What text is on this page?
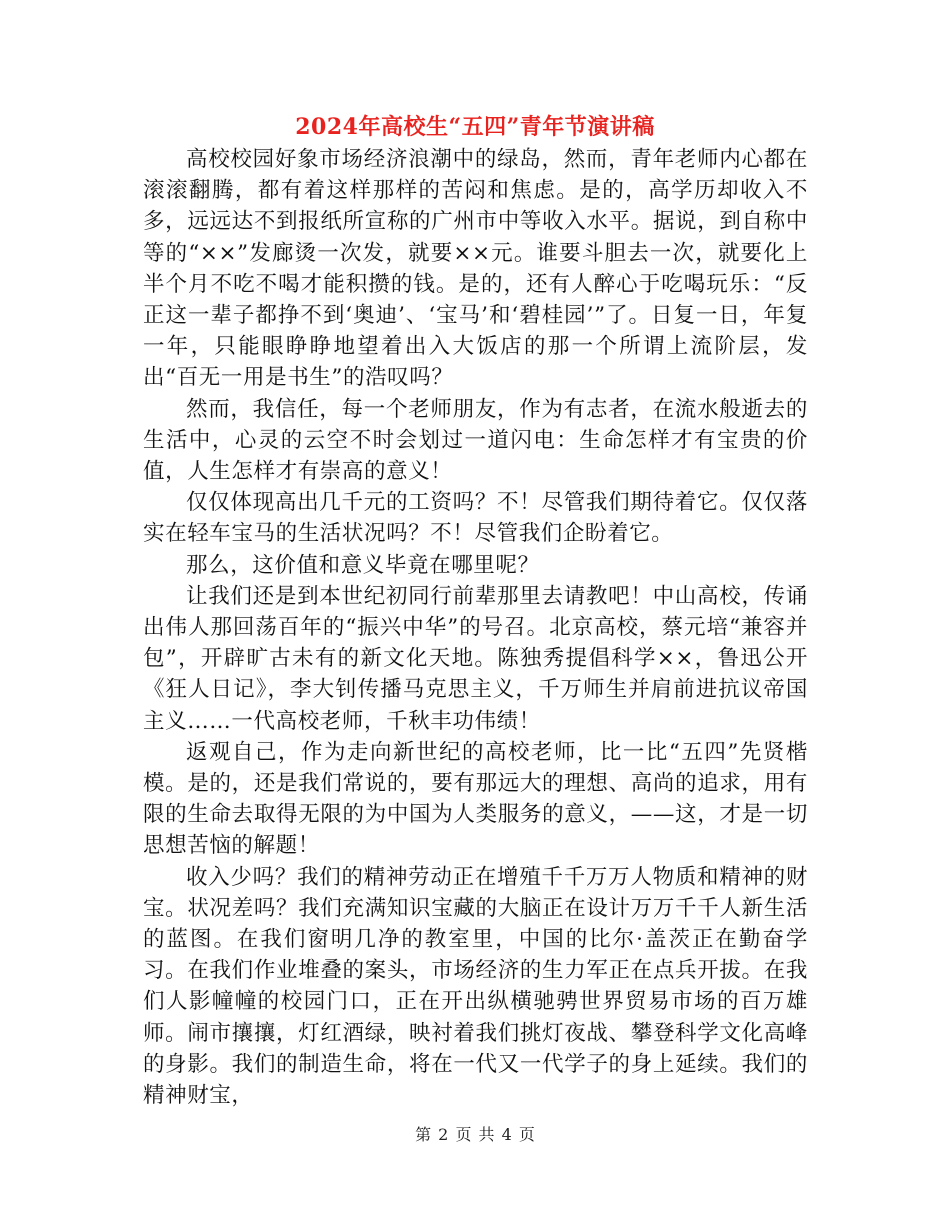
2024年高校生“五四”青年节演讲稿

高校校园好象市场经济浪潮中的绿岛，然而，青年老师内心都在滚滚翻腾，都有着这样那样的苦闷和焦虑。是的，高学历却收入不多，远远达不到报纸所宣称的广州市中等收入水平。据说，到自称中等的“××”发廊烫一次发，就要××元。谁要斗胆去一次，就要化上半个月不吃不喝才能积攒的钱。是的，还有人醉心于吃喝玩乐：“反正这一辈子都挣不到‘奥迪’、‘宝马’和‘碧桂园’”了。日复一日，年复一年，只能眼睁睁地望着出入大饭店的那一个所谓上流阶层，发出“百无一用是书生”的浩叹吗？

然而，我信任，每一个老师朋友，作为有志者，在流水般逝去的生活中，心灵的云空不时会划过一道闪电：生命怎样才有宝贵的价值，人生怎样才有崇高的意义！

仅仅体现高出几千元的工资吗？不！尽管我们期待着它。仅仅落实在轻车宝马的生活状况吗？不！尽管我们企盼着它。

那么，这价值和意义毕竟在哪里呢？

让我们还是到本世纪初同行前辈那里去请教吧！中山高校，传诵出伟人那回荡百年的“振兴中华”的号召。北京高校，蔡元培“兼容并包”，开辟旷古未有的新文化天地。陈独秀提倡科学××，鲁迅公开《狂人日记》，李大钊传播马克思主义，千万师生并肩前进抗议帝国主义……一代高校老师，千秋丰功伟绩！

返观自己，作为走向新世纪的高校老师，比一比“五四”先贤楷模。是的，还是我们常说的，要有那远大的理想、高尚的追求，用有限的生命去取得无限的为中国为人类服务的意义，——这，才是一切思想苦恼的解题！

收入少吗？我们的精神劳动正在增殖千千万万人物质和精神的财宝。状况差吗？我们充满知识宝藏的大脑正在设计万万千千人新生活的蓝图。在我们窗明几净的教室里，中国的比尔·盖茨正在勤奋学习。在我们作业堆叠的案头，市场经济的生力军正在点兵开拔。在我们人影幢幢的校园门口，正在开出纵横驰骋世界贸易市场的百万雄师。闹市攘攘，灯红酒绿，映衬着我们挑灯夜战、攀登科学文化高峰的身影。我们的制造生命，将在一代又一代学子的身上延续。我们的精神财宝，

第 2 页 共 4 页
